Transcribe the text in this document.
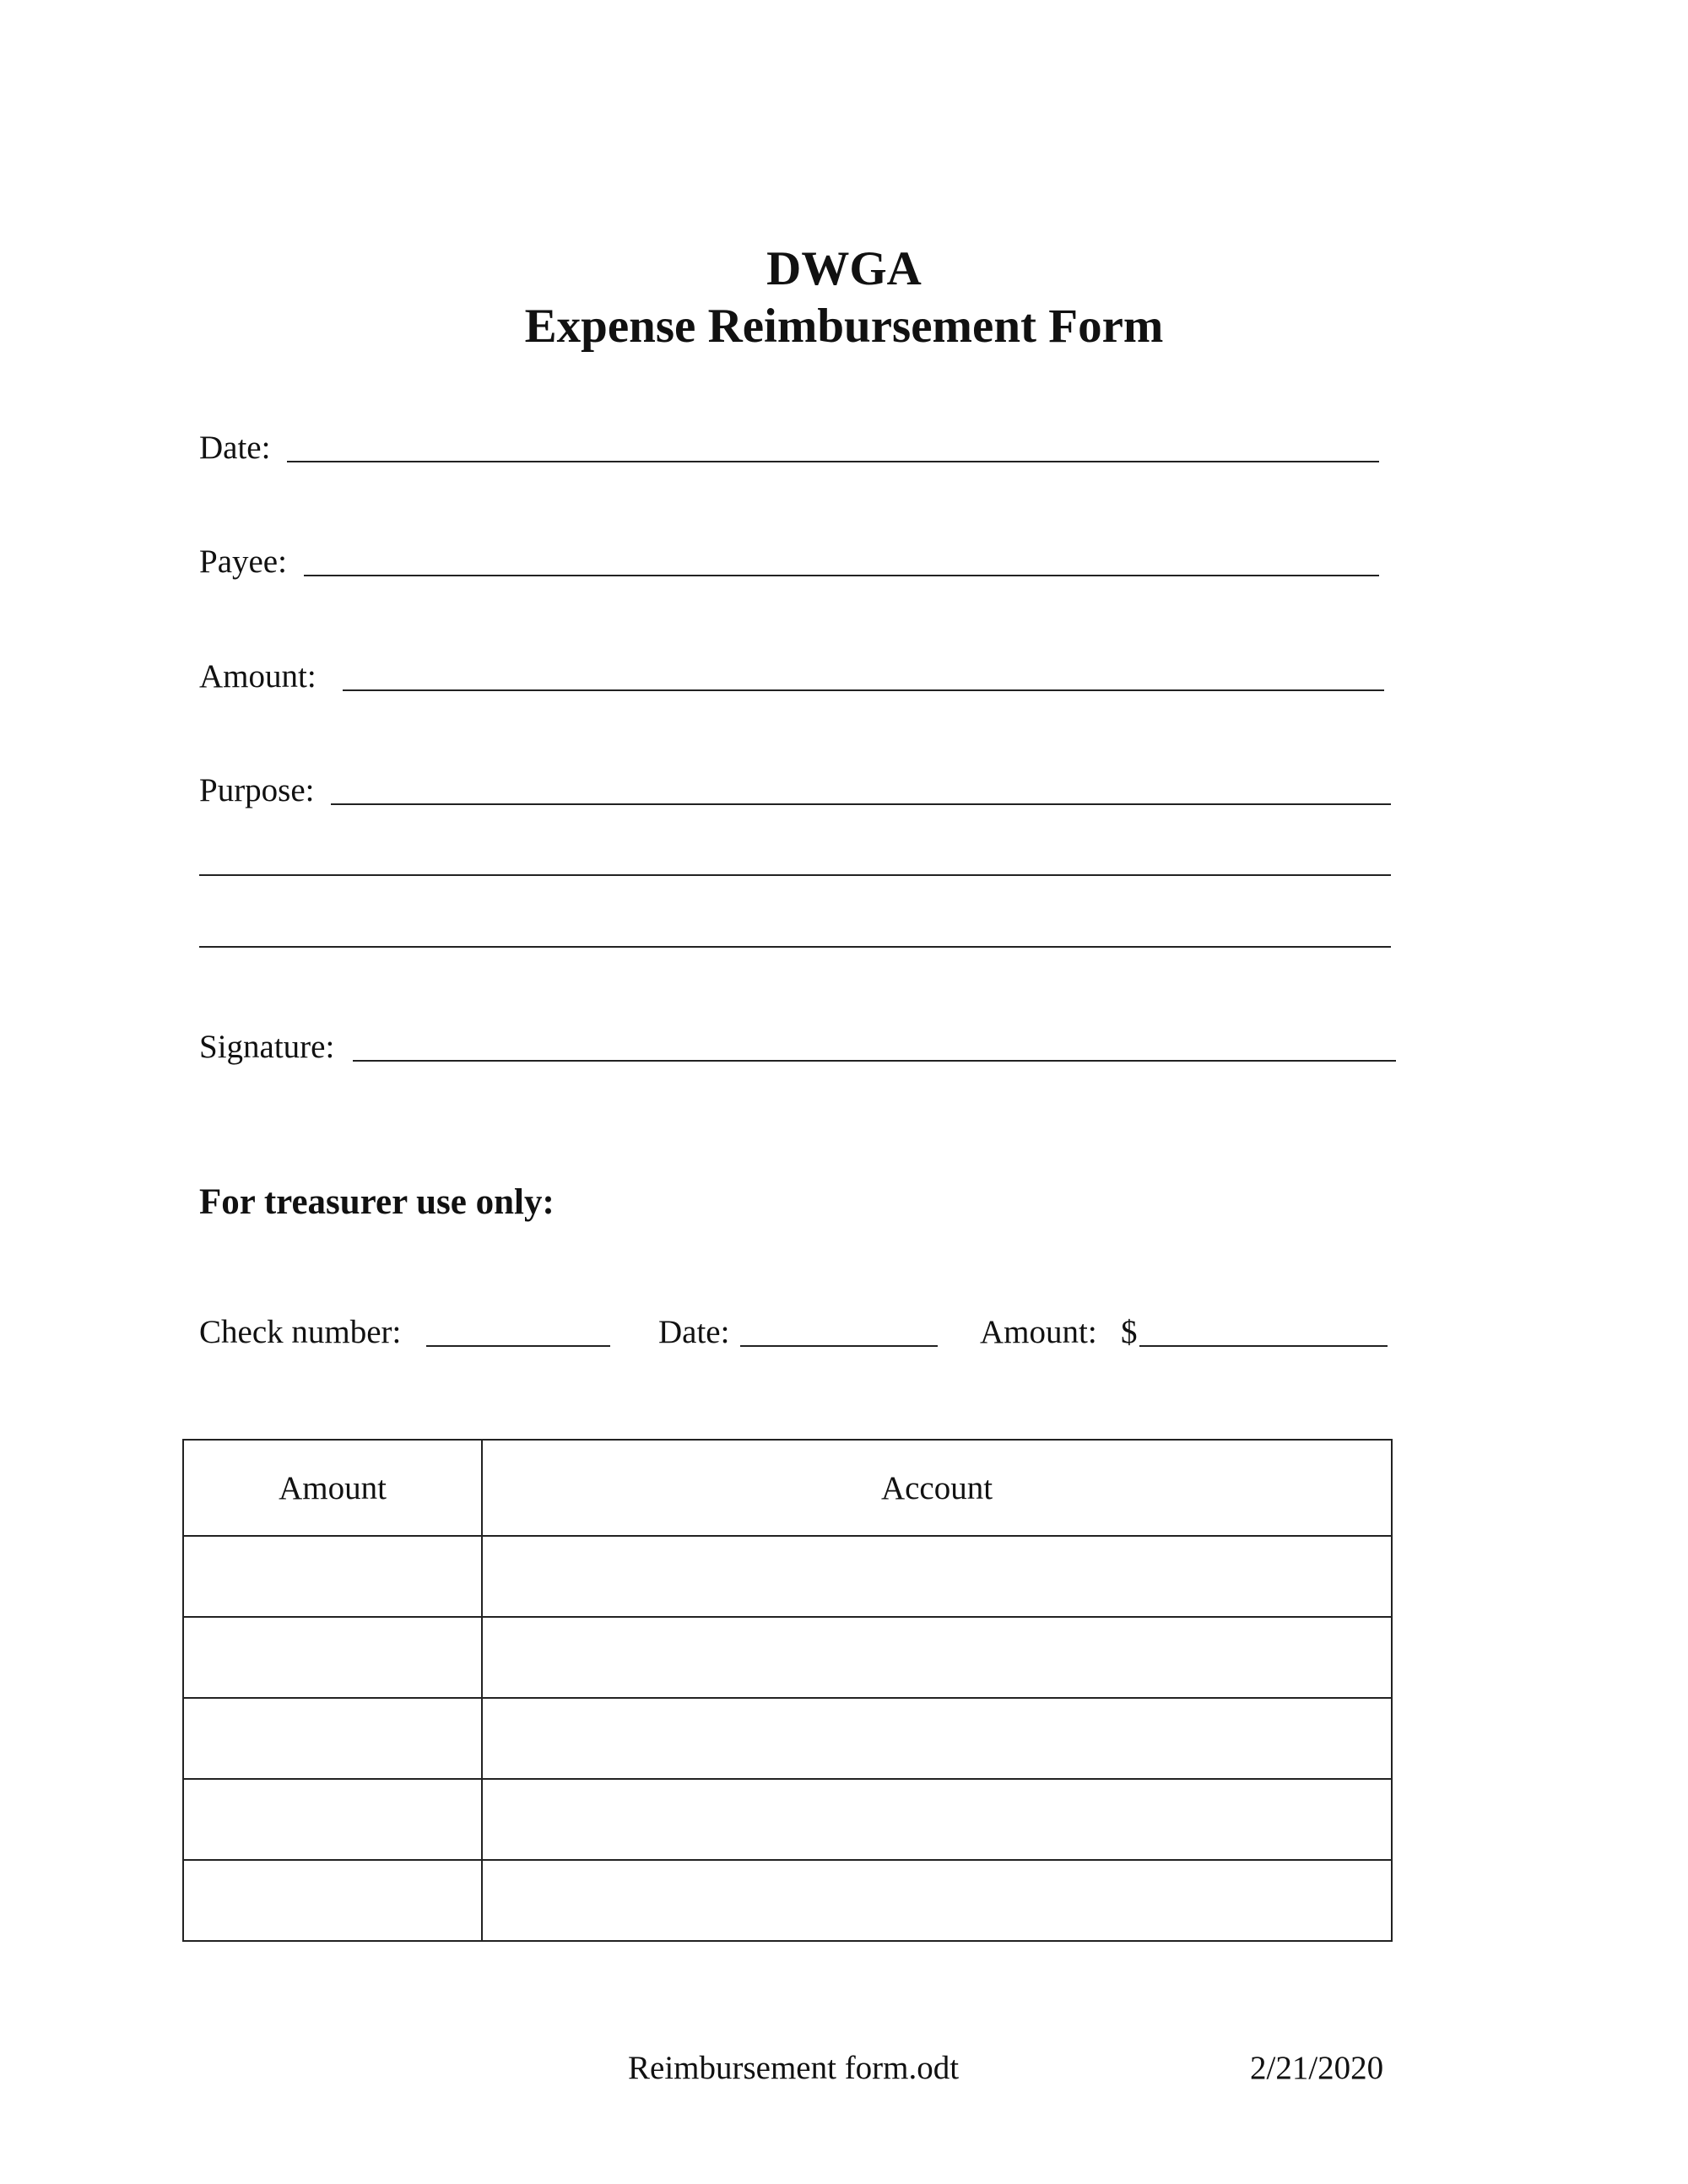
DWGA
Expense Reimbursement Form
Date:
Payee:
Amount:
Purpose:
Signature:
For treasurer use only:
Check number:	Date:	Amount: $
Amount	Account

Reimbursement form.odt	2/21/2020
